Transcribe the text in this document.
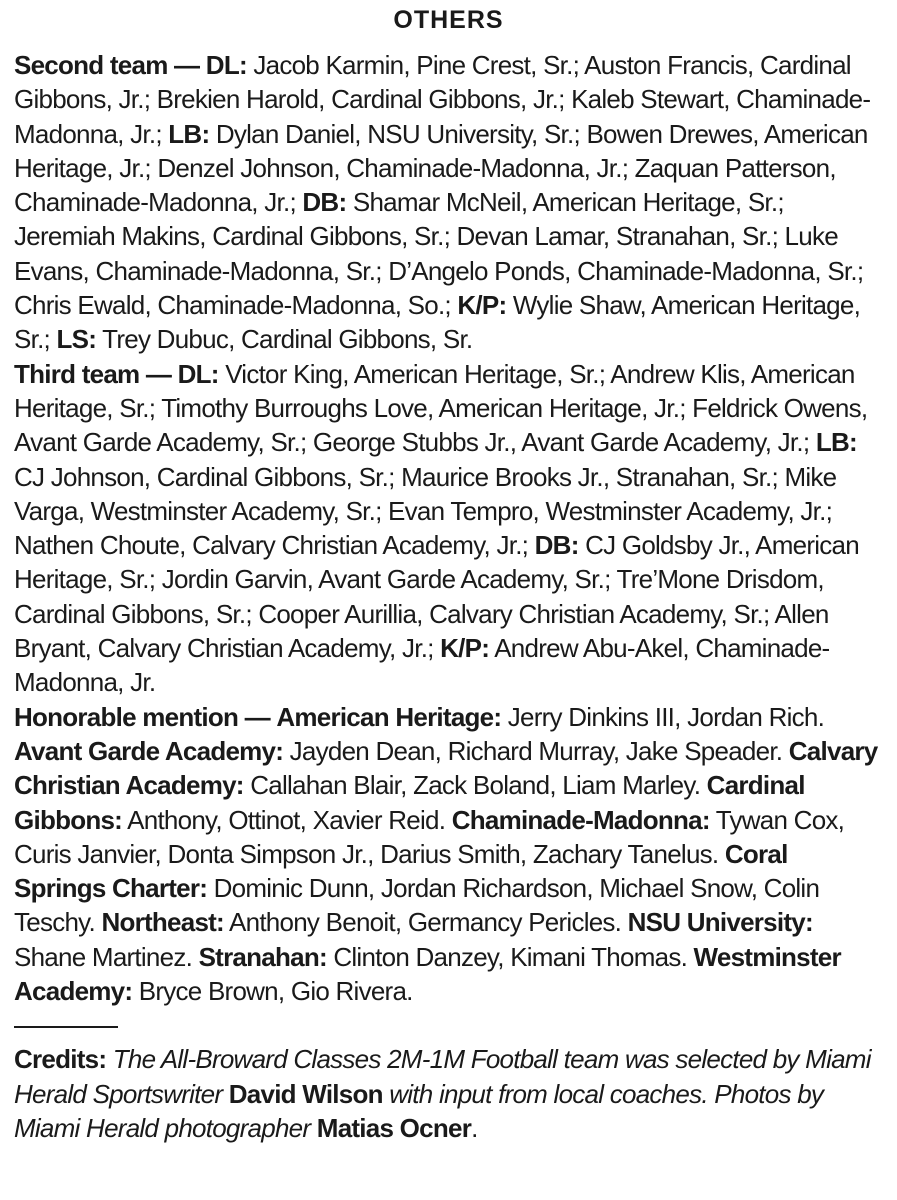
OTHERS

Second team — DL: Jacob Karmin, Pine Crest, Sr.; Auston Francis, Cardinal Gibbons, Jr.; Brekien Harold, Cardinal Gibbons, Jr.; Kaleb Stewart, Chaminade-Madonna, Jr.; LB: Dylan Daniel, NSU University, Sr.; Bowen Drewes, American Heritage, Jr.; Denzel Johnson, Chaminade-Madonna, Jr.; Zaquan Patterson, Chaminade-Madonna, Jr.; DB: Shamar McNeil, American Heritage, Sr.; Jeremiah Makins, Cardinal Gibbons, Sr.; Devan Lamar, Stranahan, Sr.; Luke Evans, Chaminade-Madonna, Sr.; D’Angelo Ponds, Chaminade-Madonna, Sr.; Chris Ewald, Chaminade-Madonna, So.; K/P: Wylie Shaw, American Heritage, Sr.; LS: Trey Dubuc, Cardinal Gibbons, Sr.

Third team — DL: Victor King, American Heritage, Sr.; Andrew Klis, American Heritage, Sr.; Timothy Burroughs Love, American Heritage, Jr.; Feldrick Owens, Avant Garde Academy, Sr.; George Stubbs Jr., Avant Garde Academy, Jr.; LB: CJ Johnson, Cardinal Gibbons, Sr.; Maurice Brooks Jr., Stranahan, Sr.; Mike Varga, Westminster Academy, Sr.; Evan Tempro, Westminster Academy, Jr.; Nathen Choute, Calvary Christian Academy, Jr.; DB: CJ Goldsby Jr., American Heritage, Sr.; Jordin Garvin, Avant Garde Academy, Sr.; Tre’Mone Drisdom, Cardinal Gibbons, Sr.; Cooper Aurillia, Calvary Christian Academy, Sr.; Allen Bryant, Calvary Christian Academy, Jr.; K/P: Andrew Abu-Akel, Chaminade-Madonna, Jr.

Honorable mention — American Heritage: Jerry Dinkins III, Jordan Rich. Avant Garde Academy: Jayden Dean, Richard Murray, Jake Speader. Calvary Christian Academy: Callahan Blair, Zack Boland, Liam Marley. Cardinal Gibbons: Anthony, Ottinot, Xavier Reid. Chaminade-Madonna: Tywan Cox, Curis Janvier, Donta Simpson Jr., Darius Smith, Zachary Tanelus. Coral Springs Charter: Dominic Dunn, Jordan Richardson, Michael Snow, Colin Teschy. Northeast: Anthony Benoit, Germancy Pericles. NSU University: Shane Martinez. Stranahan: Clinton Danzey, Kimani Thomas. Westminster Academy: Bryce Brown, Gio Rivera.

Credits: The All-Broward Classes 2M-1M Football team was selected by Miami Herald Sportswriter David Wilson with input from local coaches. Photos by Miami Herald photographer Matias Ocner.
